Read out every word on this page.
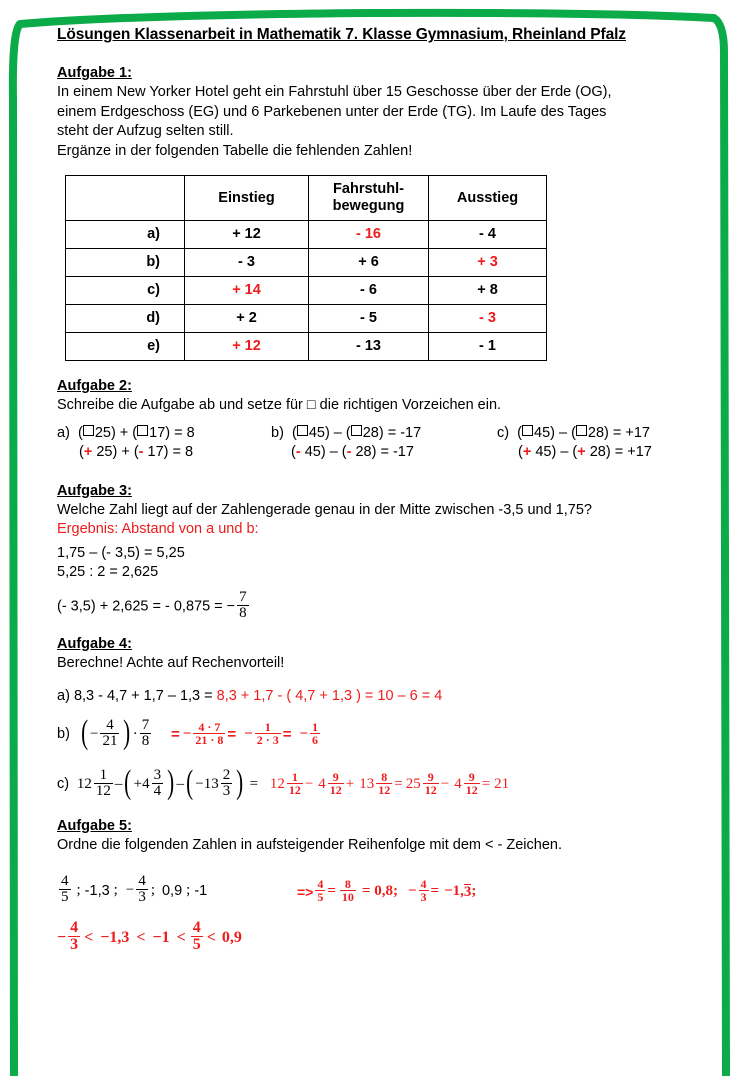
Lösungen Klassenarbeit in Mathematik 7. Klasse Gymnasium, Rheinland Pfalz
Aufgabe 1:
In einem New Yorker Hotel geht ein Fahrstuhl über 15 Geschosse über der Erde (OG),
einem Erdgeschoss (EG) und 6 Parkebenen unter der Erde (TG). Im Laufe des Tages
steht der Aufzug selten still.
Ergänze in der folgenden Tabelle die fehlenden Zahlen!
	Einstieg	Fahrstuhl-
bewegung	Ausstieg
a)	+ 12	- 16	- 4
b)	- 3	+ 6	+ 3
c)	+ 14	- 6	+ 8
d)	+ 2	- 5	- 3
e)	+ 12	- 13	- 1
Aufgabe 2:
Schreibe die Aufgabe ab und setze für □ die richtigen Vorzeichen ein.
a) ( 25) + ( 17) = 8
(+ 25) + (- 17) = 8
b) ( 45) – ( 28) = -17
(- 45) – (- 28) = -17
c) ( 45) – ( 28) = +17
(+ 45) – (+ 28) = +17
Aufgabe 3:
Welche Zahl liegt auf der Zahlengerade genau in der Mitte zwischen -3,5 und 1,75?
Ergebnis: Abstand von a und b:
1,75 – (- 3,5) = 5,25
5,25 : 2 = 2,625
(- 3,5) + 2,625 = - 0,875 = − $\frac{7}{8}$
Aufgabe 4:
Berechne! Achte auf Rechenvorteil!
a) 8,3 - 4,7 + 1,7 – 1,3 = 8,3 + 1,7 - ( 4,7 + 1,3 ) = 10 – 6 = 4
b) ( − $\frac{4}{21}$ ) · $\frac{7}{8}$
= − $\frac{4 \cdot 7}{21 \cdot 8}$ = − $\frac{1}{2 \cdot 3}$ = − $\frac{1}{6}$
c) $12 \frac{1}{12}$ – ( + $4 \frac{3}{4}$ ) – ( − $13 \frac{2}{3}$ ) =
$12 \frac{1}{12} - 4 \frac{9}{12} + 13 \frac{8}{12} = 25 \frac{9}{12} - 4 \frac{9}{12} = 21$
Aufgabe 5:
Ordne die folgenden Zahlen in aufsteigender Reihenfolge mit dem < - Zeichen.
$\frac{4}{5}$ ; -1,3 ; − $\frac{4}{3}$ ; 0,9 ; -1	=> $\frac{4}{5} = \frac{8}{10} = 0,8$; − $\frac{4}{3} = -1$, 3 ;
− $\frac{4}{3} < -1,3 < -1 < \frac{4}{5} < 0,9$
